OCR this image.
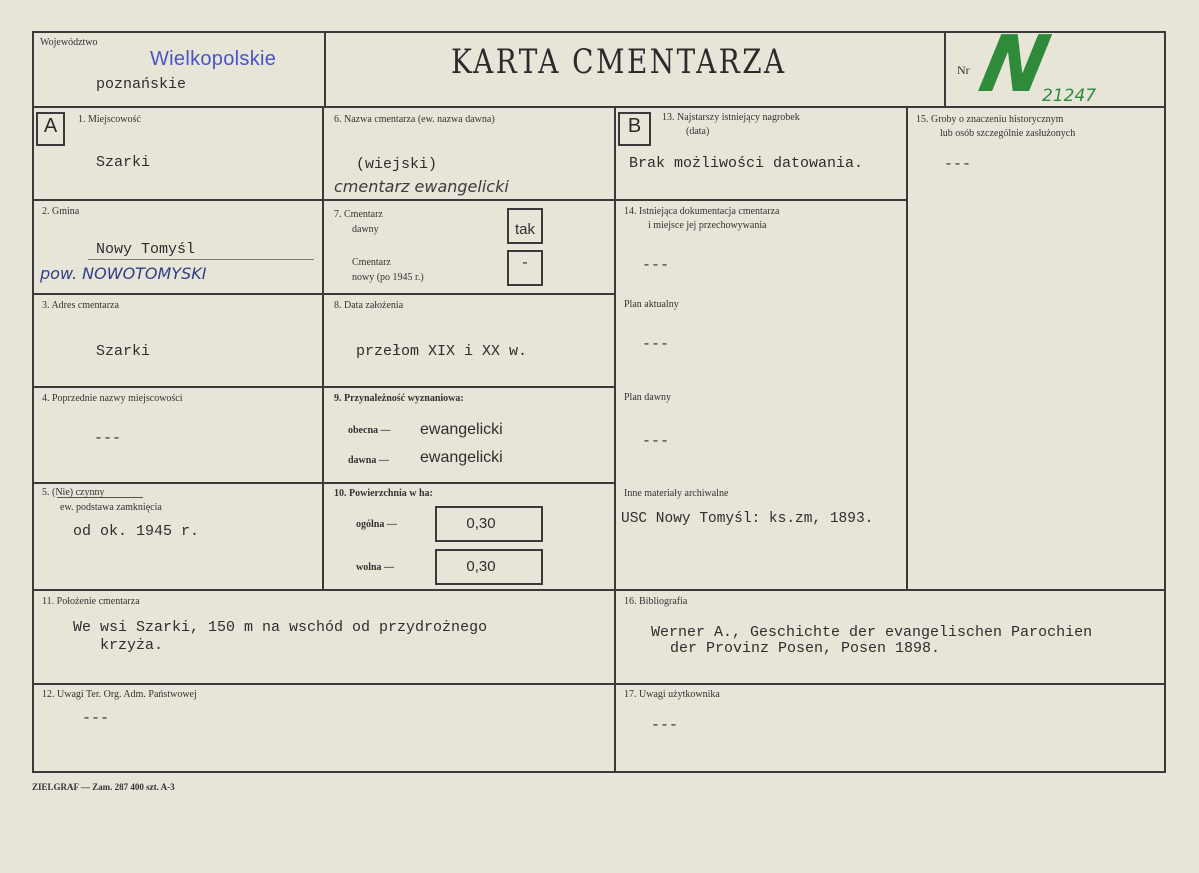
Województwo
Wielkopolskie
poznańskie
KARTA CMENTARZA	Nr N
21247
A	B
1. Miejscowość
Szarki
2. Gmina
Nowy Tomyśl
pow. NOWOTOMYSKI
3. Adres cmentarza
Szarki
4. Poprzednie nazwy miejscowości
---
5. (Nie) czynny
ew. podstawa zamknięcia
od ok. 1945 r.
11. Położenie cmentarza
We wsi Szarki, 150 m na wschód od przydrożnego
krzyża.
12. Uwagi Ter. Org. Adm. Państwowej
---
6. Nazwa cmentarza (ew. nazwa dawna)
(wiejski)
cmentarz ewangelicki
7. Cmentarz
dawny	tak
Cmentarz
nowy (po 1945 r.)
-
8. Data założenia
przełom XIX i XX w.
9. Przynależność wyznaniowa:
obecna — ewangelicki
dawna — ewangelicki
10. Powierzchnia w ha:
ogólna —	0,30
wolna —	0,30
13. Najstarszy istniejący nagrobek
(data)
Brak możliwości datowania.
14. Istniejąca dokumentacja cmentarza
i miejsce jej przechowywania
---
Plan aktualny
---
Plan dawny
---
Inne materiały archiwalne
USC Nowy Tomyśl: ks.zm, 1893.
16. Bibliografia
Werner A., Geschichte der evangelischen Parochien
der Provinz Posen, Posen 1898.
17. Uwagi użytkownika
---
15. Groby o znaczeniu historycznym
lub osób szczególnie zasłużonych
---
ZIELGRAF — Zam. 287 400 szt. A-3
